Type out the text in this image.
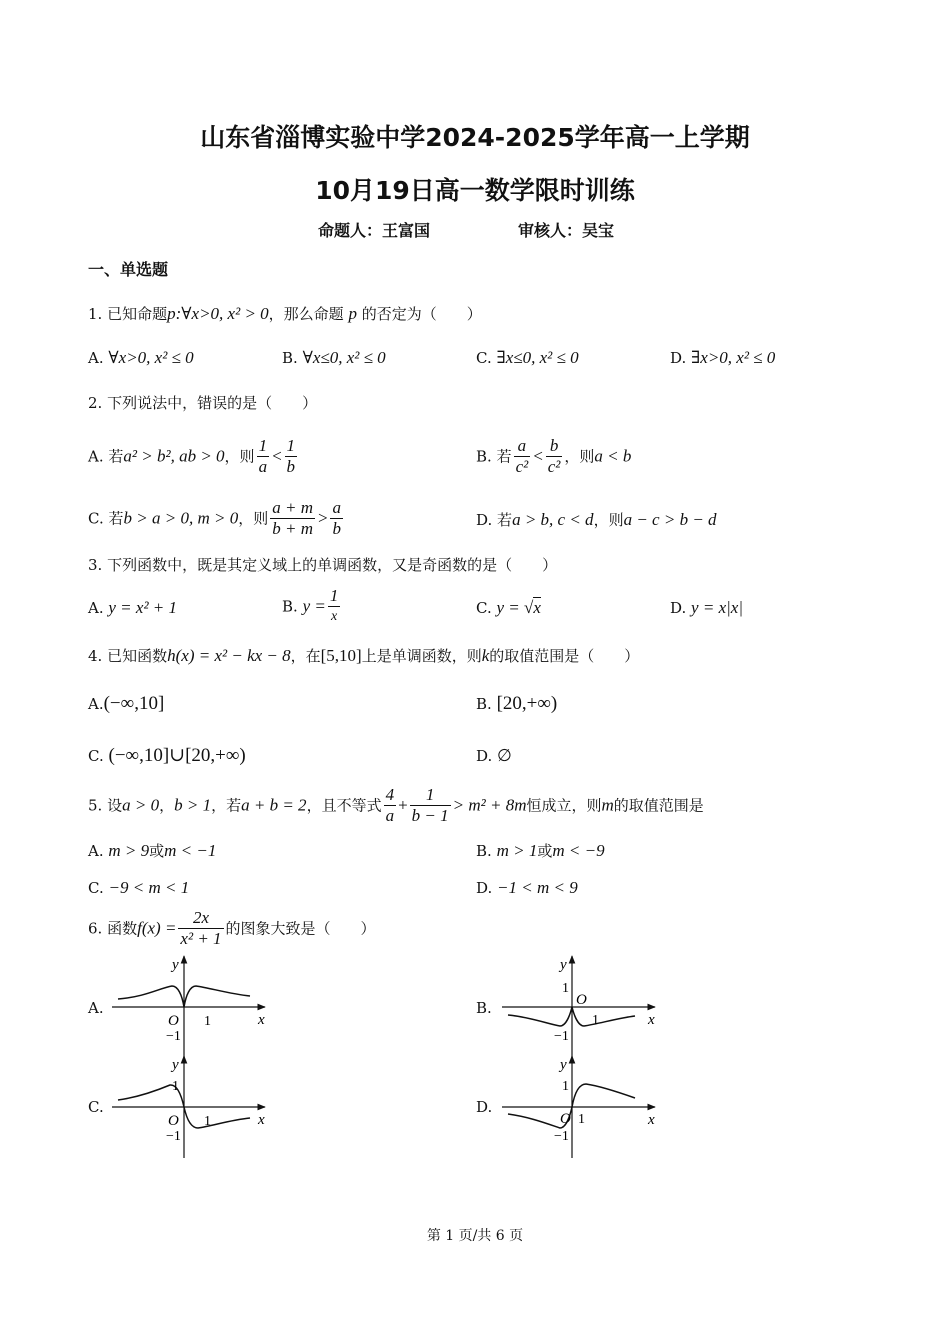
山东省淄博实验中学2024-2025学年高一上学期
10月19日高一数学限时训练
命题人：王富国	审核人：吴宝
一、单选题
1. 已知命题p:∀x>0, x² > 0，那么命题 p 的否定为（　　）
A. ∀x>0, x² ≤ 0	B. ∀x≤0, x² ≤ 0	C. ∃x≤0, x² ≤ 0	D. ∃x>0, x² ≤ 0
2. 下列说法中，错误的是（　　）
A. 若a² > b², ab > 0，则 $\frac{1}{a} < \frac{1}{b}$	B. 若 $\frac{a}{\text{c²}} < \frac{b}{\text{c²}}$ ，则a < b
C. 若b > a > 0, m > 0，则 $\frac{a + m}{b + m} > \frac{a}{b}$	D. 若a > b, c < d，则a − c > b − d
3. 下列函数中，既是其定义域上的单调函数，又是奇函数的是（　　）
A. y = x² + 1	B. $y = \frac{1}{x}$	C. y = √x	D. y = x|x|
4. 已知函数h(x) = x² − kx − 8，在[5,10]上是单调函数，则k的取值范围是（　　）
A.(−∞,10]	B. [20,+∞)
C. (−∞,10]∪[20,+∞)	D. ∅
5. 设a > 0，b > 1，若a + b = 2，且不等式 $\frac{4}{a} + \frac{1}{b - 1} > m^2 + 8m$恒成立，则m的取值范围是
A. m > 9或m < −1	B. m > 1或m < −9
C. −9 < m < 1	D. −1 < m < 9
6. 函数$f(x) = \frac{2x}{\text{x² + 1}}$ 的图象大致是（　　）
A.	B.
C.	D.
y
x
O 1
−1
y
x
O
1
1
−1
y
x
O
1
1
−1
y
x
O
1
1
−1
第 1 页/共 6 页
